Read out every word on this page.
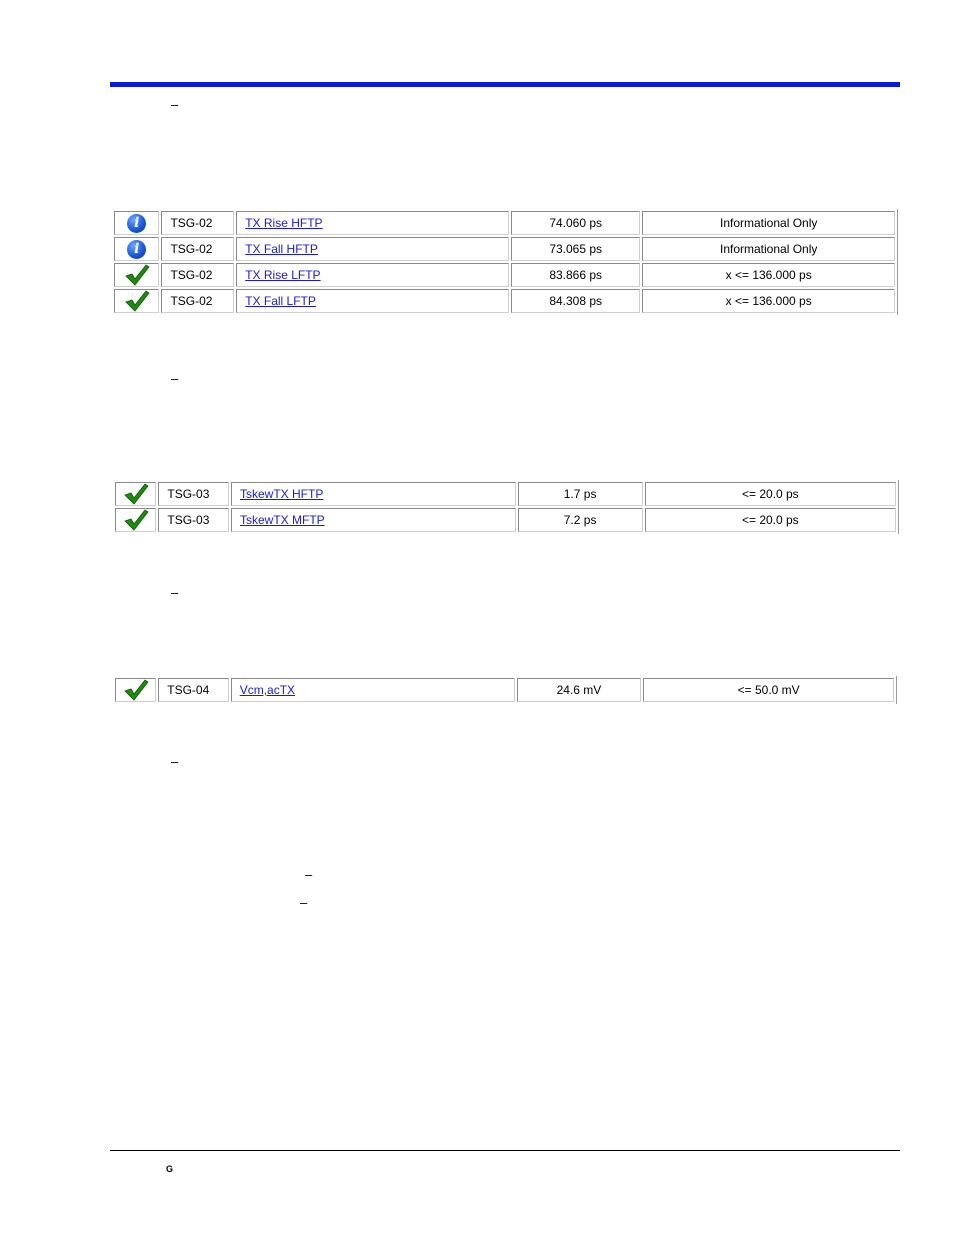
–
i	TSG-02	TX Rise HFTP	74.060 ps	Informational Only
i	TSG-02	TX Fall HFTP	73.065 ps	Informational Only

	TSG-02	TX Rise LFTP	83.866 ps	x <= 136.000 ps

	TSG-02	TX Fall LFTP	84.308 ps	x <= 136.000 ps
–
	TSG-03	TskewTX HFTP	1.7 ps	<= 20.0 ps

	TSG-03	TskewTX MFTP	7.2 ps	<= 20.0 ps
–
	TSG-04	Vcm,acTX	24.6 mV	<= 50.0 mV
–
–
–
G
